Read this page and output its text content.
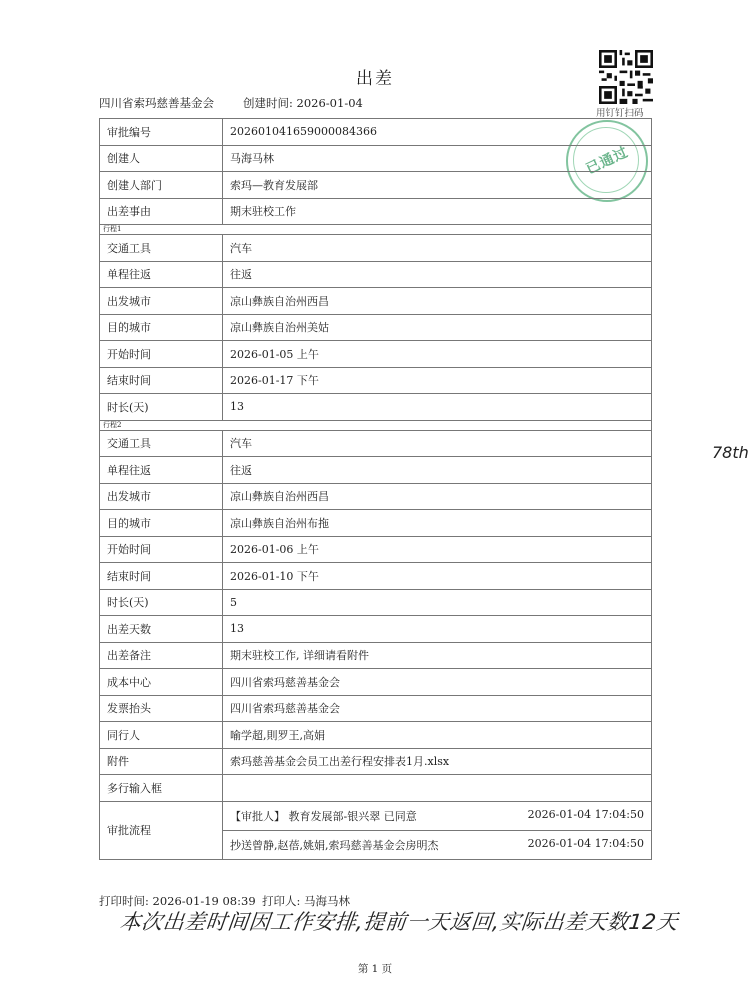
出差
四川省索玛慈善基金会	创建时间: 2026-01-04
用钉钉扫码
已通过
审批编号	202601041659000084366
创建人	马海马林
创建人部门	索玛—教育发展部
出差事由	期末驻校工作
行程1	
交通工具	汽车
单程往返	往返
出发城市	凉山彝族自治州西昌
目的城市	凉山彝族自治州美姑
开始时间	2026-01-05 上午
结束时间	2026-01-17 下午
时长(天)	13
行程2	
交通工具	汽车
单程往返	往返
出发城市	凉山彝族自治州西昌
目的城市	凉山彝族自治州布拖
开始时间	2026-01-06 上午
结束时间	2026-01-10 下午
时长(天)	5
出差天数	13
出差备注	期末驻校工作, 详细请看附件
成本中心	四川省索玛慈善基金会
发票抬头	四川省索玛慈善基金会
同行人	喻学超,則罗王,高娟
附件	索玛慈善基金会员工出差行程安排表1月.xlsx
多行输入框	
审批流程	【审批人】 教育发展部-银兴翠 已同意 2026-01-04 17:04:50

	抄送曾静,赵蓓,姚娟,索玛慈善基金会房明杰 2026-01-04 17:04:50
打印时间: 2026-01-19 08:39 打印人: 马海马林
本次出差时间因工作安排,提前一天返回,实际出差天数12天
78th
第 1 页
